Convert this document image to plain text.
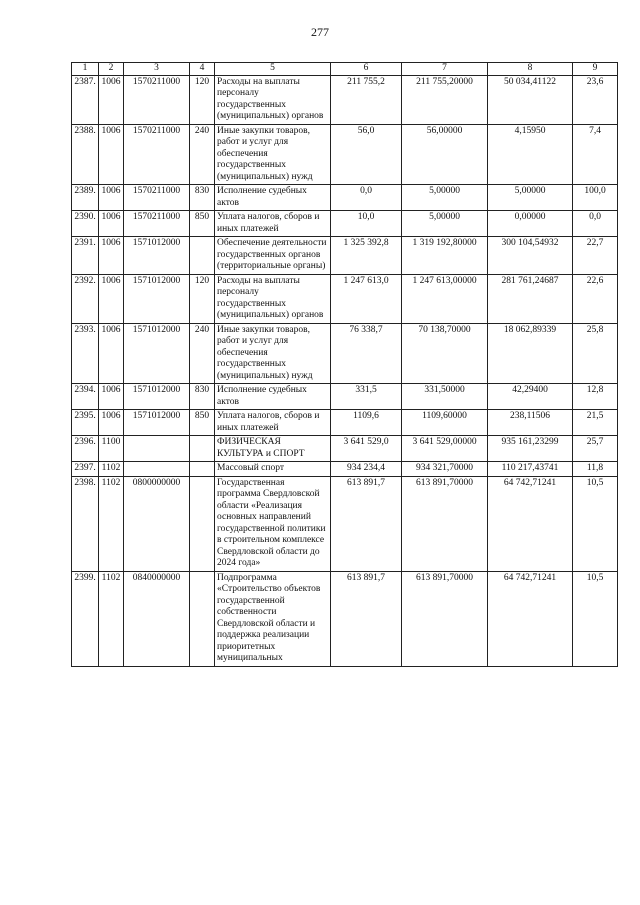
277
1	2	3	4	5	6	7	8	9
2387.	1006	1570211000	120	Расходы на выплаты персоналу государственных (муниципальных) органов	211 755,2	211 755,20000	50 034,41122	23,6
2388.	1006	1570211000	240	Иные закупки товаров, работ и услуг для обеспечения государственных (муниципальных) нужд	56,0	56,00000	4,15950	7,4
2389.	1006	1570211000	830	Исполнение судебных актов	0,0	5,00000	5,00000	100,0
2390.	1006	1570211000	850	Уплата налогов, сборов и иных платежей	10,0	5,00000	0,00000	0,0
2391.	1006	1571012000		Обеспечение деятельности государственных органов (территориальные органы)	1 325 392,8	1 319 192,80000	300 104,54932	22,7
2392.	1006	1571012000	120	Расходы на выплаты персоналу государственных (муниципальных) органов	1 247 613,0	1 247 613,00000	281 761,24687	22,6
2393.	1006	1571012000	240	Иные закупки товаров, работ и услуг для обеспечения государственных (муниципальных) нужд	76 338,7	70 138,70000	18 062,89339	25,8
2394.	1006	1571012000	830	Исполнение судебных актов	331,5	331,50000	42,29400	12,8
2395.	1006	1571012000	850	Уплата налогов, сборов и иных платежей	1109,6	1109,60000	238,11506	21,5
2396.	1100			ФИЗИЧЕСКАЯ КУЛЬТУРА и СПОРТ	3 641 529,0	3 641 529,00000	935 161,23299	25,7
2397.	1102			Массовый спорт	934 234,4	934 321,70000	110 217,43741	11,8
2398.	1102	0800000000		Государственная программа Свердловской области «Реализация основных направлений государственной политики в строительном комплексе Свердловской области до 2024 года»	613 891,7	613 891,70000	64 742,71241	10,5
2399.	1102	0840000000		Подпрограмма «Строительство объектов государственной собственности Свердловской области и поддержка реализации приоритетных муниципальных	613 891,7	613 891,70000	64 742,71241	10,5
